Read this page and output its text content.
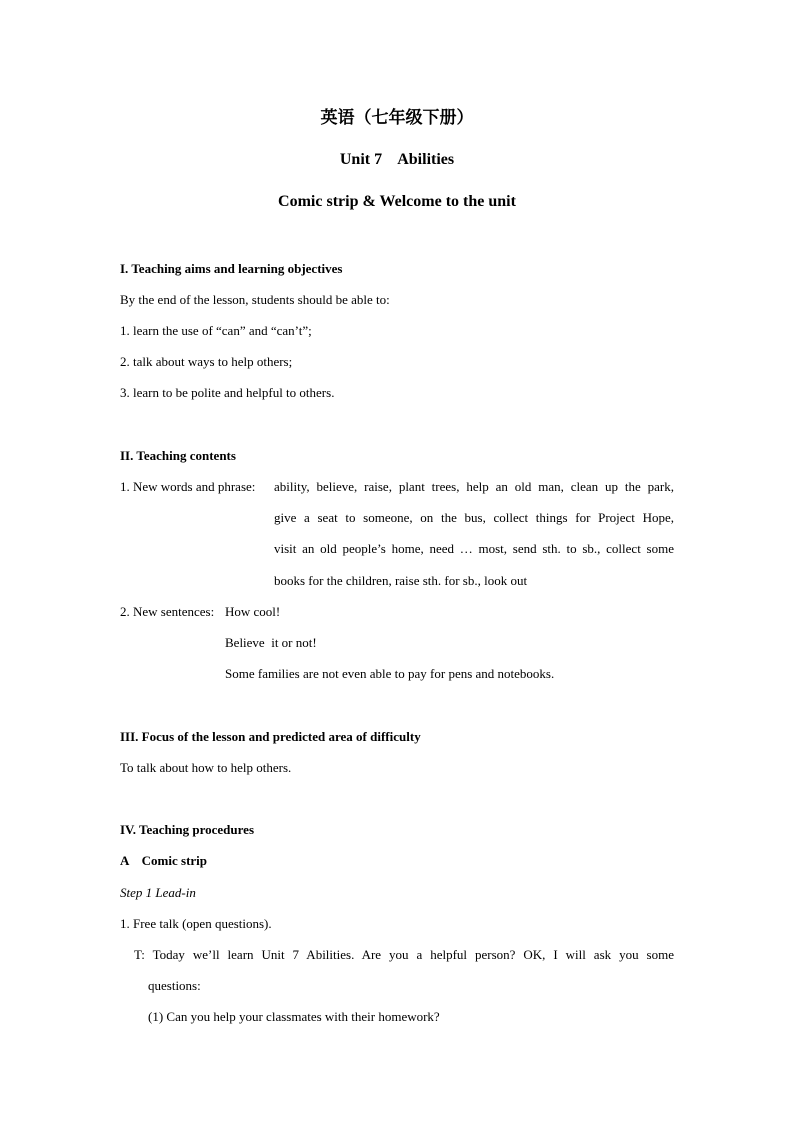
英语（七年级下册）
Unit 7    Abilities
Comic strip & Welcome to the unit
I. Teaching aims and learning objectives
By the end of the lesson, students should be able to:
1. learn the use of “can” and “can’t”;
2. talk about ways to help others;
3. learn to be polite and helpful to others.
II. Teaching contents
1. New words and phrase: ability, believe, raise, plant trees, help an old man, clean up the park,
give a seat to someone, on the bus, collect things for Project Hope,
visit an old people’s home, need … most, send sth. to sb., collect some
books for the children, raise sth. for sb., look out
2. New sentences: How cool!
Believe  it or not!
Some families are not even able to pay for pens and notebooks.
III. Focus of the lesson and predicted area of difficulty
To talk about how to help others.
IV. Teaching procedures
A    Comic strip
Step 1 Lead-in
1. Free talk (open questions).
T: Today we’ll learn Unit 7 Abilities. Are you a helpful person? OK, I will ask you some
questions:
(1) Can you help your classmates with their homework?
